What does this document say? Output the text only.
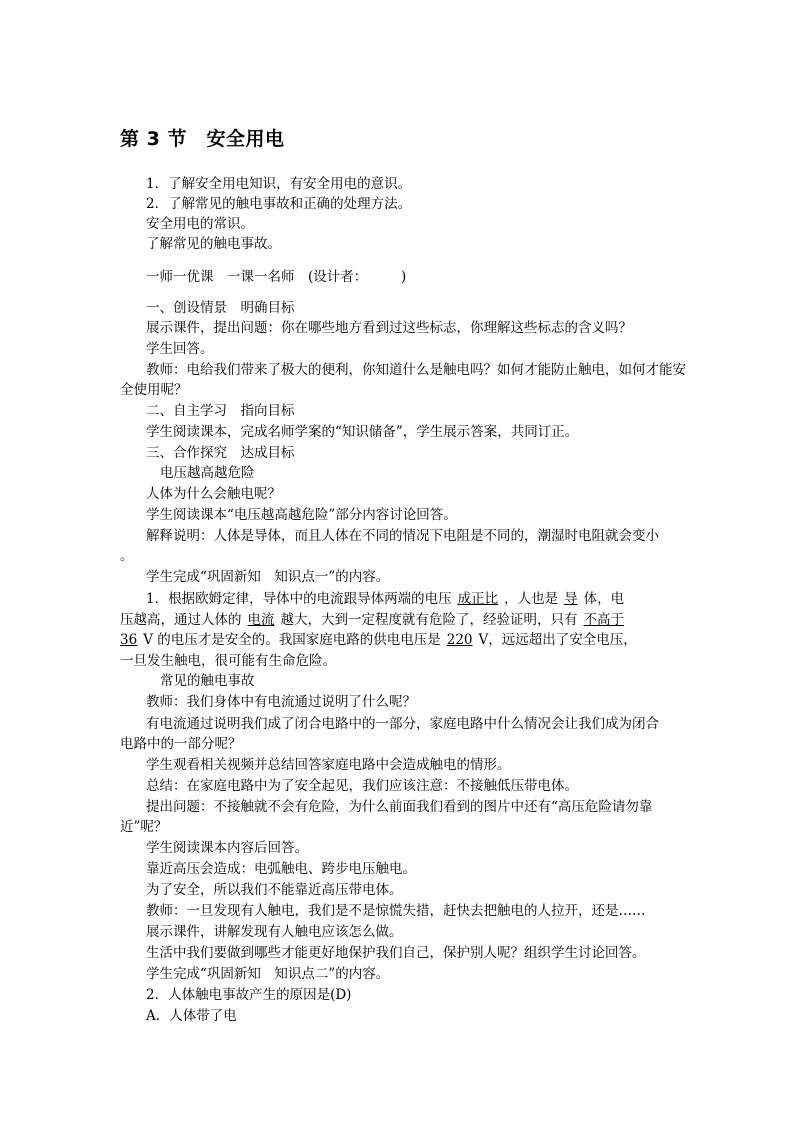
第 3 节　安全用电
1．了解安全用电知识，有安全用电的意识。
2．了解常见的触电事故和正确的处理方法。
安全用电的常识。
了解常见的触电事故。
一师一优课　一课一名师　(设计者：　　　)
一、创设情景　明确目标
展示课件，提出问题：你在哪些地方看到过这些标志，你理解这些标志的含义吗？
学生回答。
教师：电给我们带来了极大的便利，你知道什么是触电吗？如何才能防止触电，如何才能安
全使用呢？
二、自主学习　指向目标
学生阅读课本，完成名师学案的“知识储备”，学生展示答案，共同订正。
三、合作探究　达成目标
电压越高越危险
人体为什么会触电呢？
学生阅读课本“电压越高越危险”部分内容讨论回答。
解释说明：人体是导体，而且人体在不同的情况下电阻是不同的，潮湿时电阻就会变小
。
学生完成“巩固新知　知识点一”的内容。
1．根据欧姆定律，导体中的电流跟导体两端的电压 成正比 ，人也是 导 体，电
压越高，通过人体的 电流 越大，大到一定程度就有危险了，经验证明，只有 不高于
36 V 的电压才是安全的。我国家庭电路的供电电压是 220 V，远远超出了安全电压，
一旦发生触电，很可能有生命危险。
常见的触电事故
教师：我们身体中有电流通过说明了什么呢？
有电流通过说明我们成了闭合电路中的一部分，家庭电路中什么情况会让我们成为闭合
电路中的一部分呢？
学生观看相关视频并总结回答家庭电路中会造成触电的情形。
总结：在家庭电路中为了安全起见，我们应该注意：不接触低压带电体。
提出问题：不接触就不会有危险，为什么前面我们看到的图片中还有“高压危险请勿靠
近”呢？
学生阅读课本内容后回答。
靠近高压会造成：电弧触电、跨步电压触电。
为了安全，所以我们不能靠近高压带电体。
教师：一旦发现有人触电，我们是不是惊慌失措，赶快去把触电的人拉开，还是……
展示课件，讲解发现有人触电应该怎么做。
生活中我们要做到哪些才能更好地保护我们自己，保护别人呢？组织学生讨论回答。
学生完成“巩固新知　知识点二”的内容。
2．人体触电事故产生的原因是(D)
A．人体带了电
